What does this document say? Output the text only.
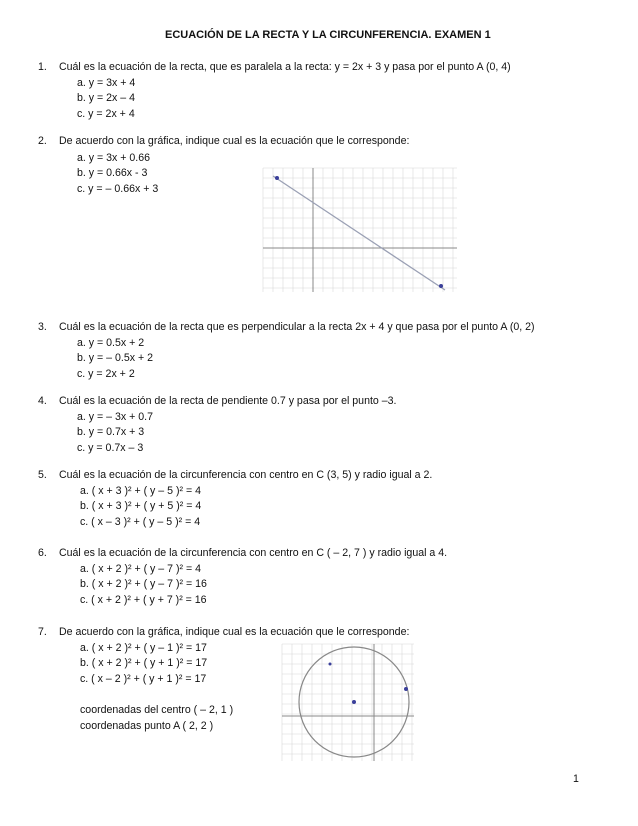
ECUACIÓN DE LA RECTA Y LA CIRCUNFERENCIA. EXAMEN 1
1. Cuál es la ecuación de la recta, que es paralela a la recta: y = 2x + 3 y pasa por el punto A (0, 4)
a. y = 3x + 4
b. y = 2x – 4
c. y = 2x + 4
2. De acuerdo con la gráfica, indique cual es la ecuación que le corresponde:
a. y = 3x + 0.66
b. y = 0.66x - 3
c. y = – 0.66x + 3
3. Cuál es la ecuación de la recta que es perpendicular a la recta 2x + 4 y que pasa por el punto A (0, 2)
a. y = 0.5x + 2
b. y = – 0.5x + 2
c. y = 2x + 2
4. Cuál es la ecuación de la recta de pendiente 0.7 y pasa por el punto –3.
a. y = – 3x + 0.7
b. y = 0.7x + 3
c. y = 0.7x – 3
5. Cuál es la ecuación de la circunferencia con centro en C (3, 5) y radio igual a 2.
a. ( x + 3 )² + ( y – 5 )² = 4
b. ( x + 3 )² + ( y + 5 )² = 4
c. ( x – 3 )² + ( y – 5 )² = 4
6. Cuál es la ecuación de la circunferencia con centro en C ( – 2, 7 ) y radio igual a 4.
a. ( x + 2 )² + ( y – 7 )² = 4
b. ( x + 2 )² + ( y – 7 )² = 16
c. ( x + 2 )² + ( y + 7 )² = 16
7. De acuerdo con la gráfica, indique cual es la ecuación que le corresponde:
a. ( x + 2 )² + ( y – 1 )² = 17
b. ( x + 2 )² + ( y + 1 )² = 17
c. ( x – 2 )² + ( y + 1 )² = 17
coordenadas del centro ( – 2, 1 )
coordenadas punto A ( 2, 2 )
1
